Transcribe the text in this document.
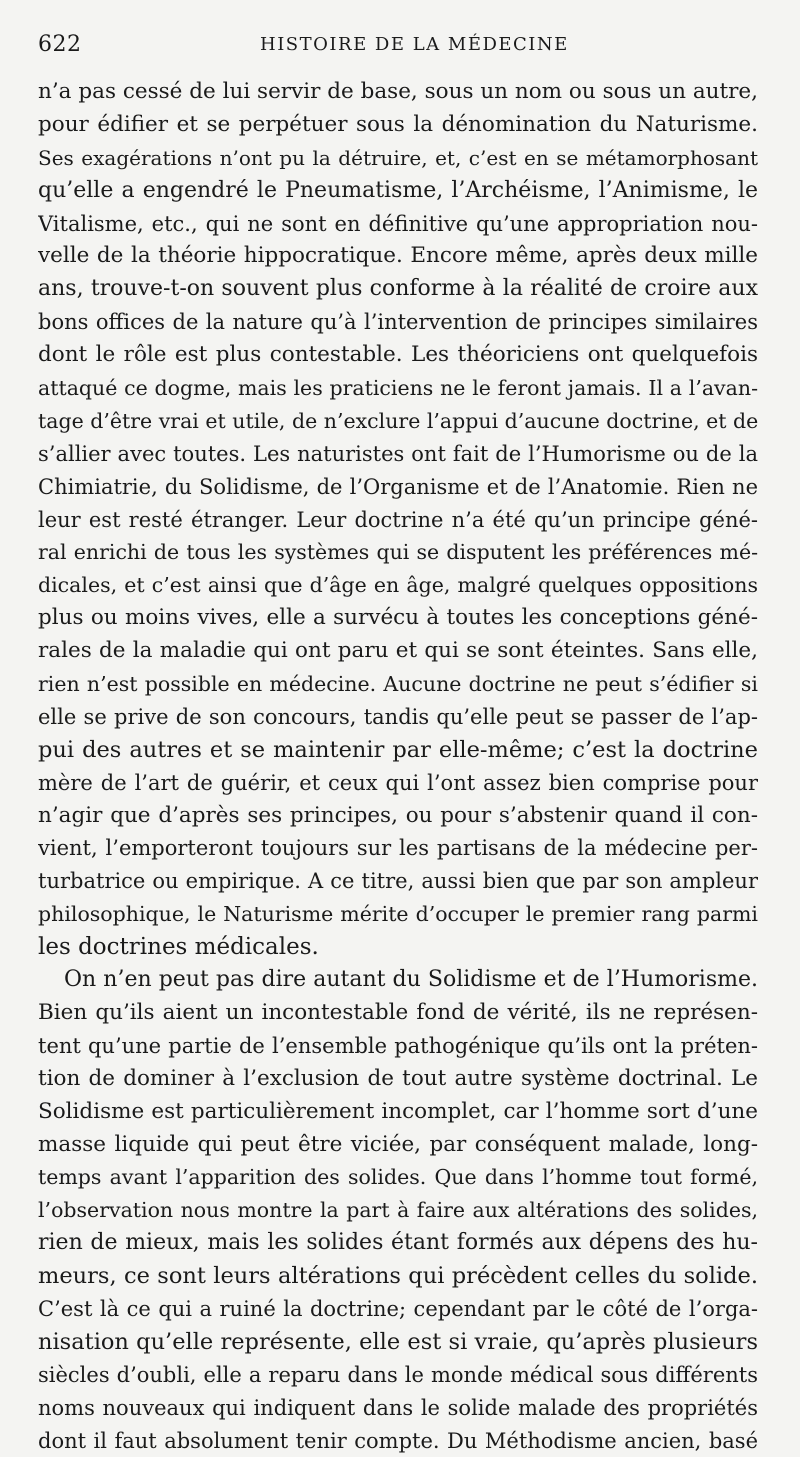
622	HISTOIRE DE LA MÉDECINE
n’a pas cessé de lui servir de base, sous un nom ou sous un autre,
pour édifier et se perpétuer sous la dénomination du Naturisme.
Ses exagérations n’ont pu la détruire, et, c’est en se métamorphosant
qu’elle a engendré le Pneumatisme, l’Archéisme, l’Animisme, le
Vitalisme, etc., qui ne sont en définitive qu’une appropriation nou-
velle de la théorie hippocratique. Encore même, après deux mille
ans, trouve-t-on souvent plus conforme à la réalité de croire aux
bons offices de la nature qu’à l’intervention de principes similaires
dont le rôle est plus contestable. Les théoriciens ont quelquefois
attaqué ce dogme, mais les praticiens ne le feront jamais. Il a l’avan-
tage d’être vrai et utile, de n’exclure l’appui d’aucune doctrine, et de
s’allier avec toutes. Les naturistes ont fait de l’Humorisme ou de la
Chimiatrie, du Solidisme, de l’Organisme et de l’Anatomie. Rien ne
leur est resté étranger. Leur doctrine n’a été qu’un principe géné-
ral enrichi de tous les systèmes qui se disputent les préférences mé-
dicales, et c’est ainsi que d’âge en âge, malgré quelques oppositions
plus ou moins vives, elle a survécu à toutes les conceptions géné-
rales de la maladie qui ont paru et qui se sont éteintes. Sans elle,
rien n’est possible en médecine. Aucune doctrine ne peut s’édifier si
elle se prive de son concours, tandis qu’elle peut se passer de l’ap-
pui des autres et se maintenir par elle-même; c’est la doctrine
mère de l’art de guérir, et ceux qui l’ont assez bien comprise pour
n’agir que d’après ses principes, ou pour s’abstenir quand il con-
vient, l’emporteront toujours sur les partisans de la médecine per-
turbatrice ou empirique. A ce titre, aussi bien que par son ampleur
philosophique, le Naturisme mérite d’occuper le premier rang parmi
les doctrines médicales.
On n’en peut pas dire autant du Solidisme et de l’Humorisme.
Bien qu’ils aient un incontestable fond de vérité, ils ne représen-
tent qu’une partie de l’ensemble pathogénique qu’ils ont la préten-
tion de dominer à l’exclusion de tout autre système doctrinal. Le
Solidisme est particulièrement incomplet, car l’homme sort d’une
masse liquide qui peut être viciée, par conséquent malade, long-
temps avant l’apparition des solides. Que dans l’homme tout formé,
l’observation nous montre la part à faire aux altérations des solides,
rien de mieux, mais les solides étant formés aux dépens des hu-
meurs, ce sont leurs altérations qui précèdent celles du solide.
C’est là ce qui a ruiné la doctrine; cependant par le côté de l’orga-
nisation qu’elle représente, elle est si vraie, qu’après plusieurs
siècles d’oubli, elle a reparu dans le monde médical sous différents
noms nouveaux qui indiquent dans le solide malade des propriétés
dont il faut absolument tenir compte. Du Méthodisme ancien, basé
